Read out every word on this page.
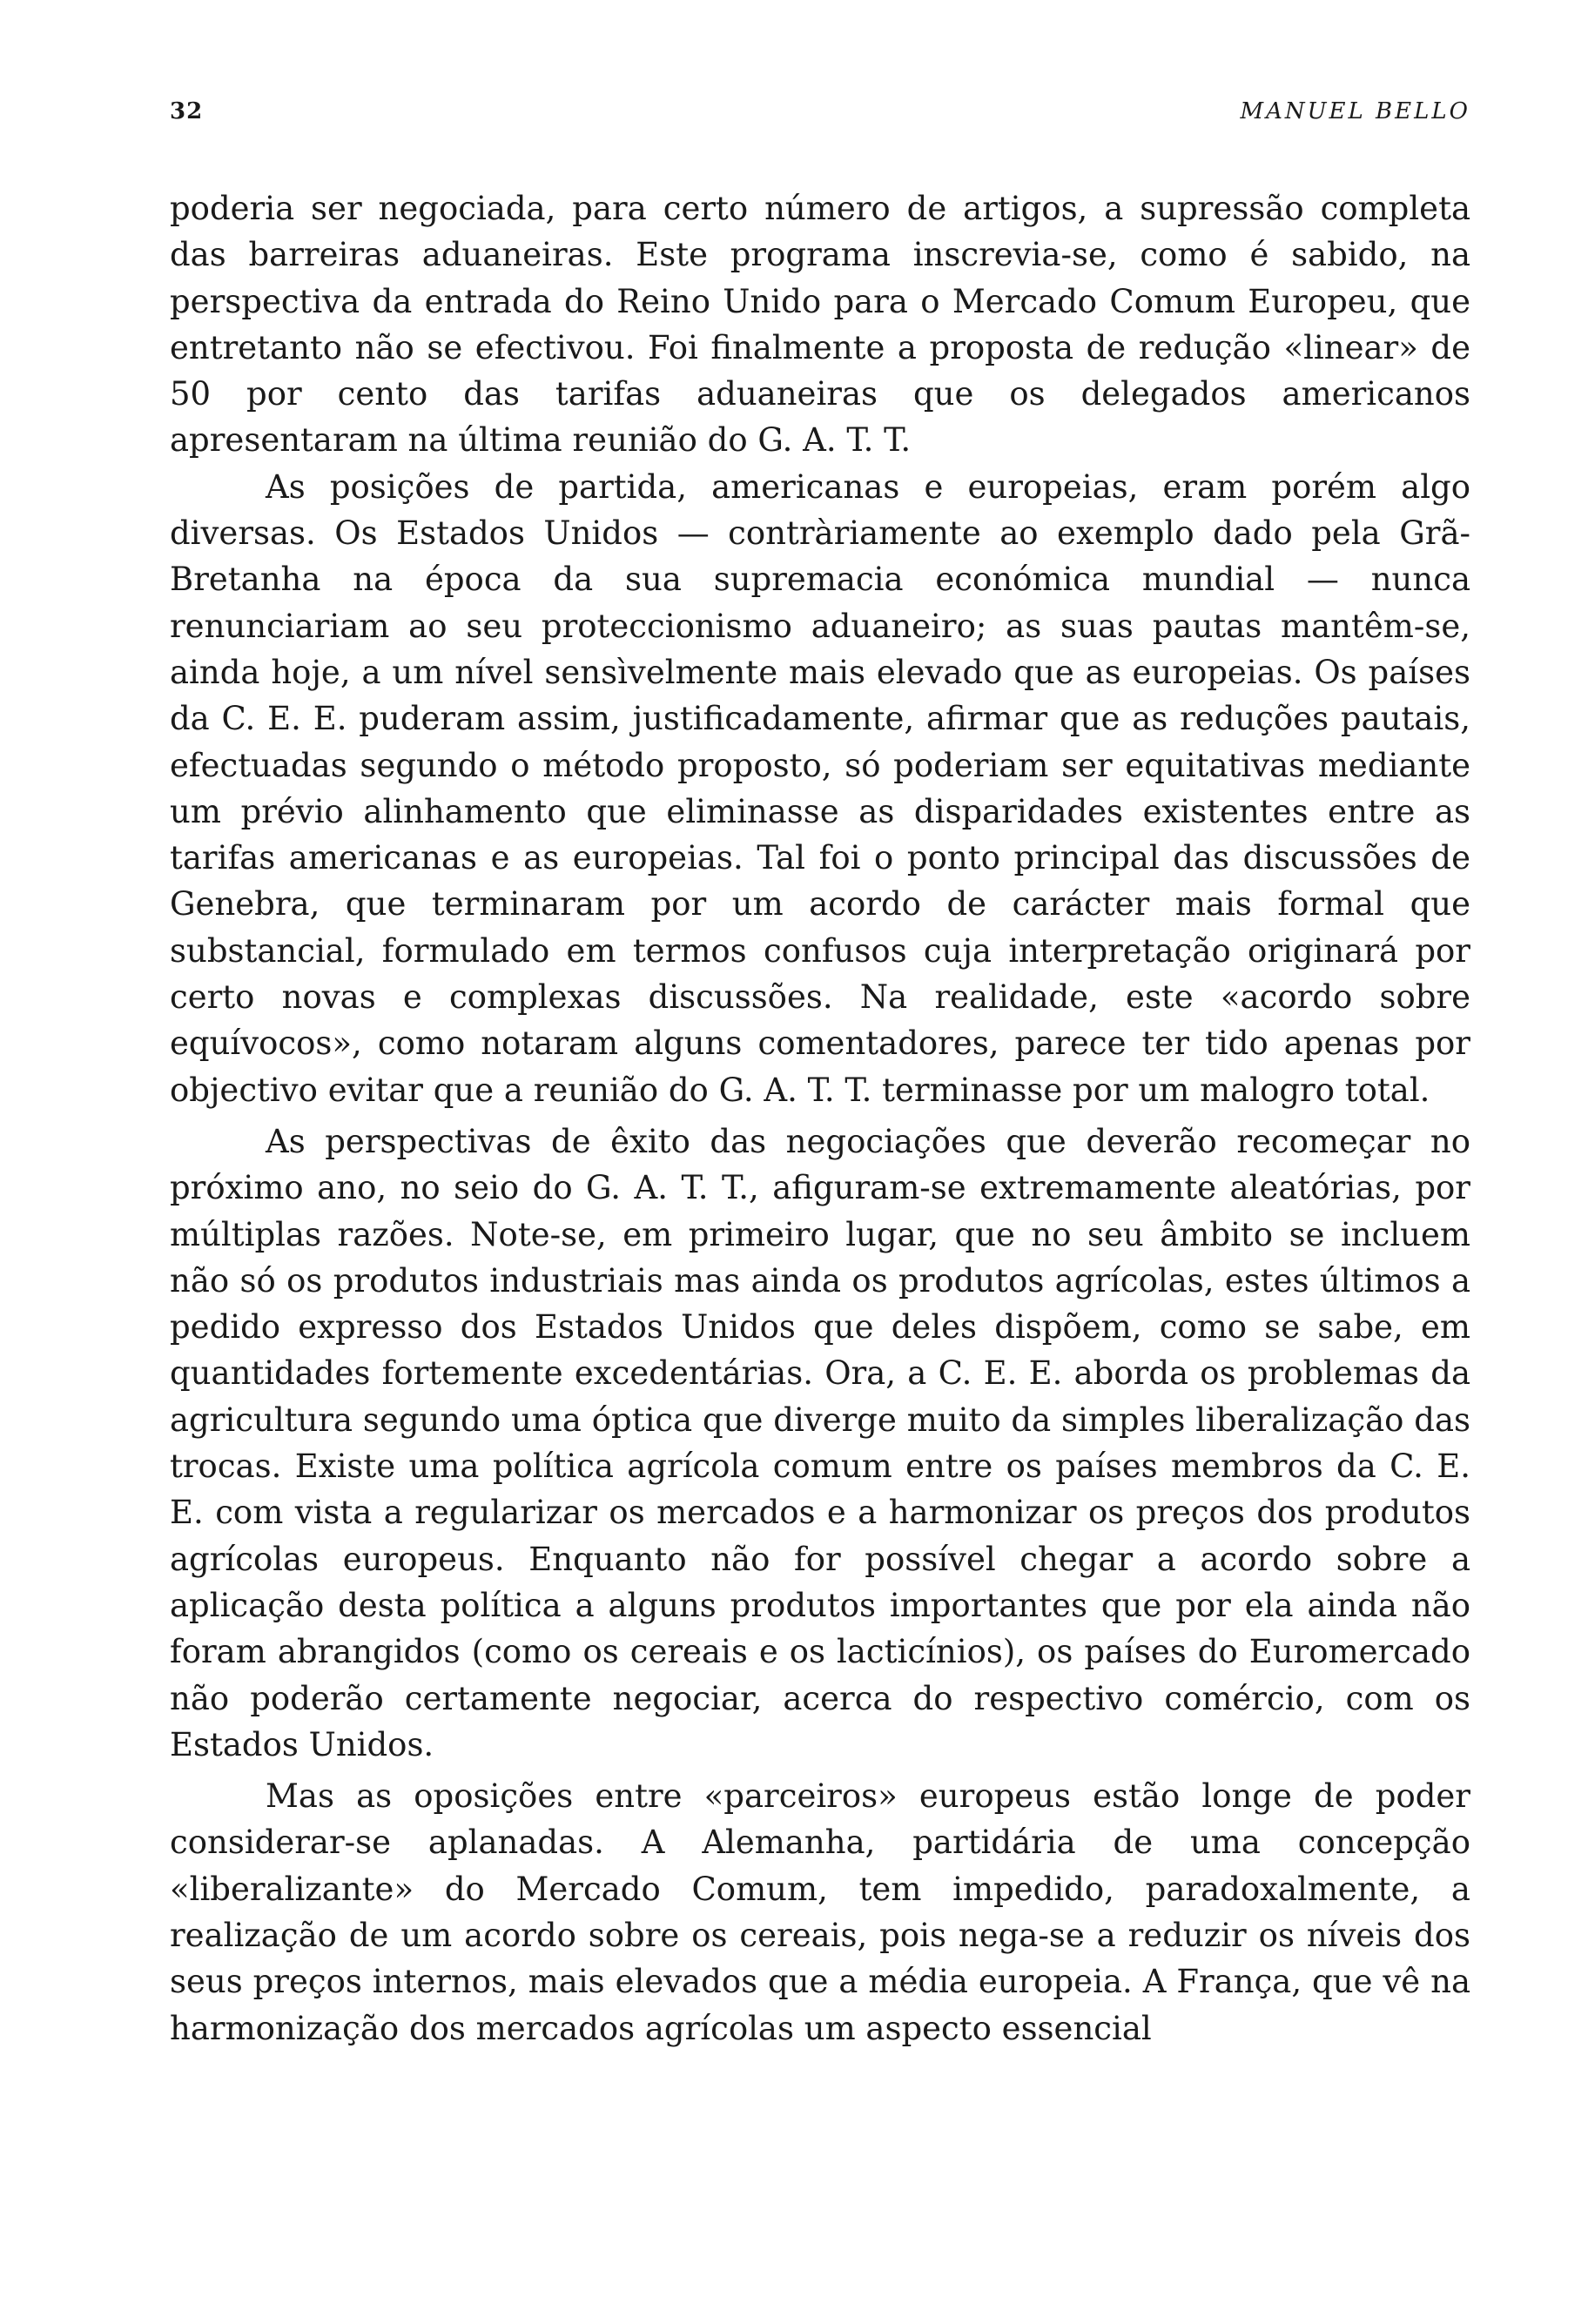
32	MANUEL BELLO

poderia ser negociada, para certo número de artigos, a supressão completa das barreiras aduaneiras. Este programa inscrevia-se, como é sabido, na perspectiva da entrada do Reino Unido para o Mercado Comum Europeu, que entretanto não se efectivou. Foi finalmente a proposta de redução «linear» de 50 por cento das tarifas aduaneiras que os delegados americanos apresentaram na última reunião do G. A. T. T.

As posições de partida, americanas e europeias, eram porém algo diversas. Os Estados Unidos — contràriamente ao exemplo dado pela Grã-Bretanha na época da sua supremacia económica mundial — nunca renunciariam ao seu proteccionismo aduaneiro; as suas pautas mantêm-se, ainda hoje, a um nível sensìvelmente mais elevado que as europeias. Os países da C. E. E. puderam assim, justificadamente, afirmar que as reduções pautais, efectuadas segundo o método proposto, só poderiam ser equitativas mediante um prévio alinhamento que eliminasse as disparidades existentes entre as tarifas americanas e as europeias. Tal foi o ponto principal das discussões de Genebra, que terminaram por um acordo de carácter mais formal que substancial, formulado em termos confusos cuja interpretação originará por certo novas e complexas discussões. Na realidade, este «acordo sobre equívocos», como notaram alguns comentadores, parece ter tido apenas por objectivo evitar que a reunião do G. A. T. T. terminasse por um malogro total.

As perspectivas de êxito das negociações que deverão recomeçar no próximo ano, no seio do G. A. T. T., afiguram-se extremamente aleatórias, por múltiplas razões. Note-se, em primeiro lugar, que no seu âmbito se incluem não só os produtos industriais mas ainda os produtos agrícolas, estes últimos a pedido expresso dos Estados Unidos que deles dispõem, como se sabe, em quantidades fortemente excedentárias. Ora, a C. E. E. aborda os problemas da agricultura segundo uma óptica que diverge muito da simples liberalização das trocas. Existe uma política agrícola comum entre os países membros da C. E. E. com vista a regularizar os mercados e a harmonizar os preços dos produtos agrícolas europeus. Enquanto não for possível chegar a acordo sobre a aplicação desta política a alguns produtos importantes que por ela ainda não foram abrangidos (como os cereais e os lacticínios), os países do Euromercado não poderão certamente negociar, acerca do respectivo comércio, com os Estados Unidos.

Mas as oposições entre «parceiros» europeus estão longe de poder considerar-se aplanadas. A Alemanha, partidária de uma concepção «liberalizante» do Mercado Comum, tem impedido, paradoxalmente, a realização de um acordo sobre os cereais, pois nega-se a reduzir os níveis dos seus preços internos, mais elevados que a média europeia. A França, que vê na harmonização dos mercados agrícolas um aspecto essencial
